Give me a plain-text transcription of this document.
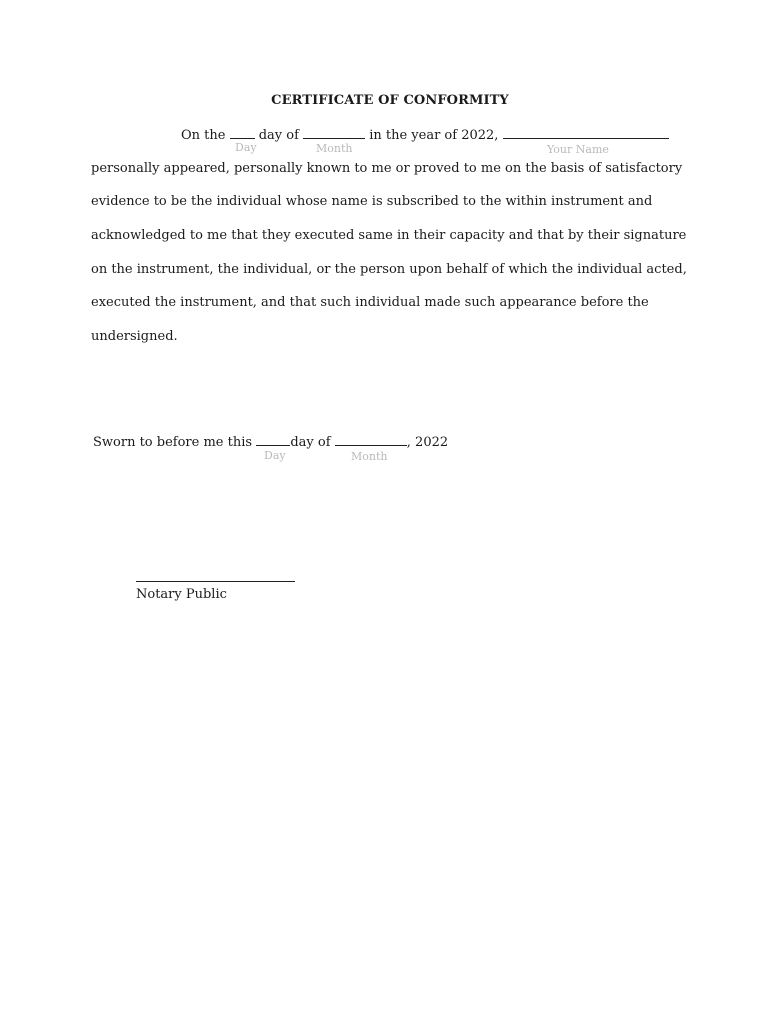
CERTIFICATE OF CONFORMITY
On the	day of	in the year of 2022,
Day	Month	Your Name
personally appeared, personally known to me or proved to me on the basis of satisfactory
evidence to be the individual whose name is subscribed to the within instrument and
acknowledged to me that they executed same in their capacity and that by their signature
on the instrument, the individual, or the person upon behalf of which the individual acted,
executed the instrument, and that such individual made such appearance before the
undersigned.
Sworn to before me this	day of	, 2022
Day	Month
Notary Public
